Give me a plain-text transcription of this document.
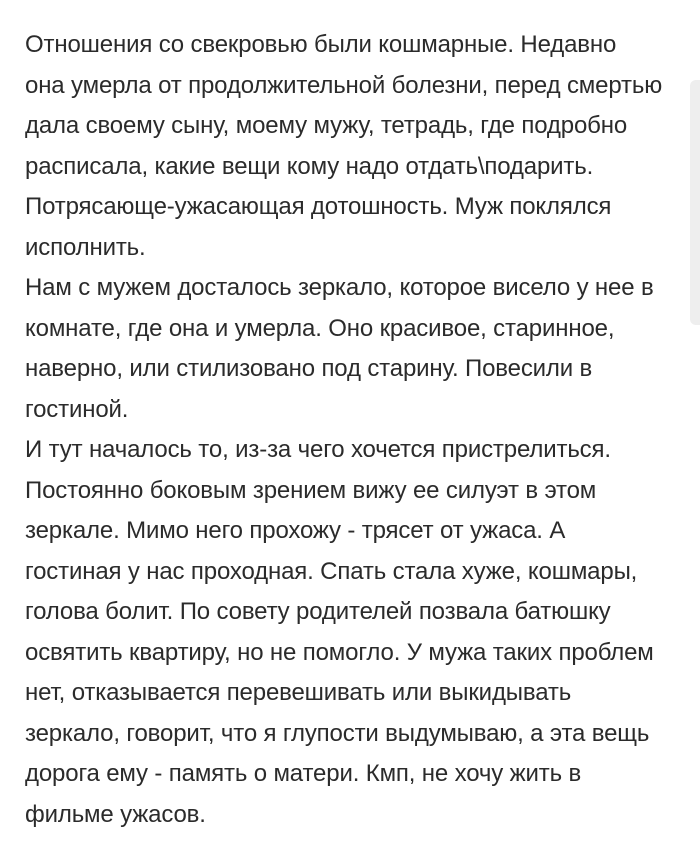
Отношения со свекровью были кошмарные. Недавно
она умерла от продолжительной болезни, перед смертью
дала своему сыну, моему мужу, тетрадь, где подробно
расписала, какие вещи кому надо отдать\подарить.
Потрясающе-ужасающая дотошность. Муж поклялся
исполнить.
Нам с мужем досталось зеркало, которое висело у нее в
комнате, где она и умерла. Оно красивое, старинное,
наверно, или стилизовано под старину. Повесили в
гостиной.
И тут началось то, из-за чего хочется пристрелиться.
Постоянно боковым зрением вижу ее силуэт в этом
зеркале. Мимо него прохожу - трясет от ужаса. А
гостиная у нас проходная. Спать стала хуже, кошмары,
голова болит. По совету родителей позвала батюшку
освятить квартиру, но не помогло. У мужа таких проблем
нет, отказывается перевешивать или выкидывать
зеркало, говорит, что я глупости выдумываю, а эта вещь
дорога ему - память о матери. Кмп, не хочу жить в
фильме ужасов.
